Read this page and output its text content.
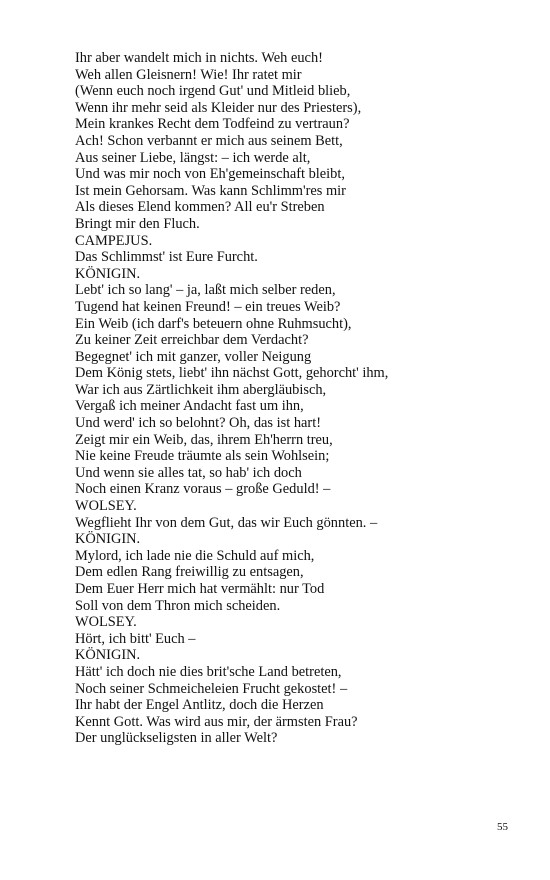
Ihr aber wandelt mich in nichts. Weh euch!
Weh allen Gleisnern! Wie! Ihr ratet mir
(Wenn euch noch irgend Gut' und Mitleid blieb,
Wenn ihr mehr seid als Kleider nur des Priesters),
Mein krankes Recht dem Todfeind zu vertraun?
Ach! Schon verbannt er mich aus seinem Bett,
Aus seiner Liebe, längst: – ich werde alt,
Und was mir noch von Eh'gemeinschaft bleibt,
Ist mein Gehorsam. Was kann Schlimm'res mir
Als dieses Elend kommen? All eu'r Streben
Bringt mir den Fluch.
CAMPEJUS.
Das Schlimmst' ist Eure Furcht.
KÖNIGIN.
Lebt' ich so lang' – ja, laßt mich selber reden,
Tugend hat keinen Freund! – ein treues Weib?
Ein Weib (ich darf's beteuern ohne Ruhmsucht),
Zu keiner Zeit erreichbar dem Verdacht?
Begegnet' ich mit ganzer, voller Neigung
Dem König stets, liebt' ihn nächst Gott, gehorcht' ihm,
War ich aus Zärtlichkeit ihm abergläubisch,
Vergaß ich meiner Andacht fast um ihn,
Und werd' ich so belohnt? Oh, das ist hart!
Zeigt mir ein Weib, das, ihrem Eh'herrn treu,
Nie keine Freude träumte als sein Wohlsein;
Und wenn sie alles tat, so hab' ich doch
Noch einen Kranz voraus – große Geduld! –
WOLSEY.
Wegflieht Ihr von dem Gut, das wir Euch gönnten. –
KÖNIGIN.
Mylord, ich lade nie die Schuld auf mich,
Dem edlen Rang freiwillig zu entsagen,
Dem Euer Herr mich hat vermählt: nur Tod
Soll von dem Thron mich scheiden.
WOLSEY.
Hört, ich bitt' Euch –
KÖNIGIN.
Hätt' ich doch nie dies brit'sche Land betreten,
Noch seiner Schmeicheleien Frucht gekostet! –
Ihr habt der Engel Antlitz, doch die Herzen
Kennt Gott. Was wird aus mir, der ärmsten Frau?
Der unglückseligsten in aller Welt?
55
